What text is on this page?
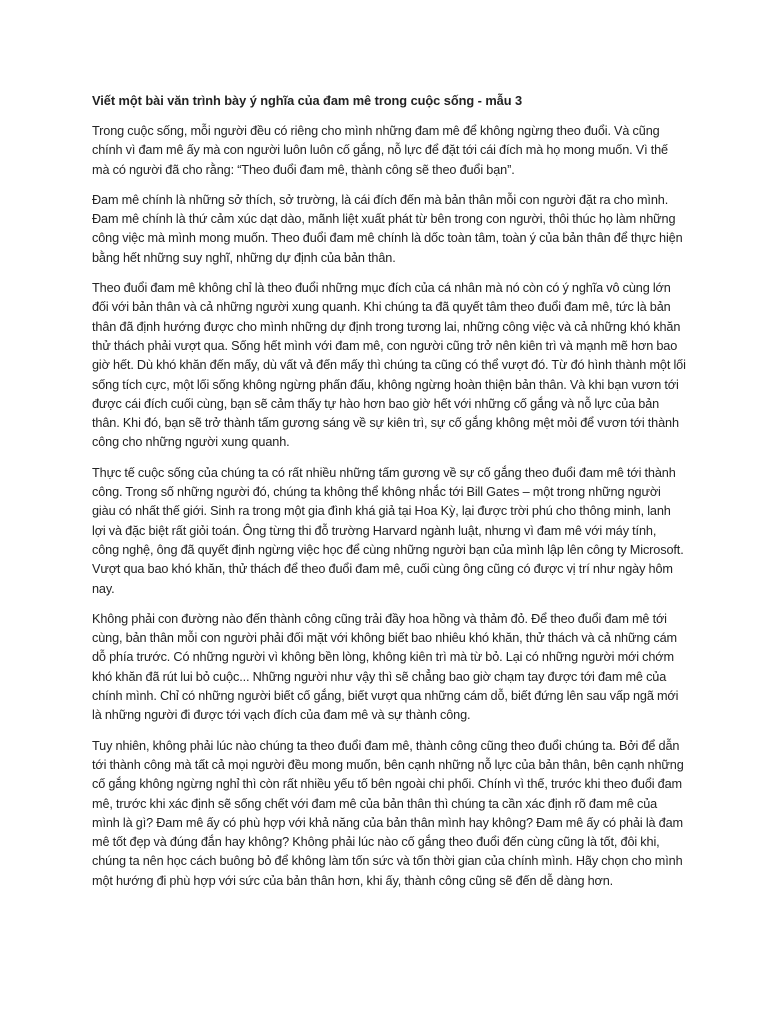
Viết một bài văn trình bày ý nghĩa của đam mê trong cuộc sống - mẫu 3

Trong cuộc sống, mỗi người đều có riêng cho mình những đam mê để không ngừng theo đuổi. Và cũng chính vì đam mê ấy mà con người luôn luôn cố gắng, nỗ lực để đặt tới cái đích mà họ mong muốn. Vì thế mà có người đã cho rằng: “Theo đuổi đam mê, thành công sẽ theo đuổi bạn”.

Đam mê chính là những sở thích, sở trường, là cái đích đến mà bản thân mỗi con người đặt ra cho mình. Đam mê chính là thứ cảm xúc dạt dào, mãnh liệt xuất phát từ bên trong con người, thôi thúc họ làm những công việc mà mình mong muốn. Theo đuổi đam mê chính là dốc toàn tâm, toàn ý của bản thân để thực hiện bằng hết những suy nghĩ, những dự định của bản thân.

Theo đuổi đam mê không chỉ là theo đuổi những mục đích của cá nhân mà nó còn có ý nghĩa vô cùng lớn đối với bản thân và cả những người xung quanh. Khi chúng ta đã quyết tâm theo đuổi đam mê, tức là bản thân đã định hướng được cho mình những dự định trong tương lai, những công việc và cả những khó khăn thử thách phải vượt qua. Sống hết mình với đam mê, con người cũng trở nên kiên trì và mạnh mẽ hơn bao giờ hết. Dù khó khăn đến mấy, dù vất vả đến mấy thì chúng ta cũng có thể vượt đó. Từ đó hình thành một lối sống tích cực, một lối sống không ngừng phấn đấu, không ngừng hoàn thiện bản thân. Và khi bạn vươn tới được cái đích cuối cùng, bạn sẽ cảm thấy tự hào hơn bao giờ hết với những cố gắng và nỗ lực của bản thân. Khi đó, bạn sẽ trở thành tấm gương sáng về sự kiên trì, sự cố gắng không mệt mỏi để vươn tới thành công cho những người xung quanh.

Thực tế cuộc sống của chúng ta có rất nhiều những tấm gương về sự cố gắng theo đuổi đam mê tới thành công. Trong số những người đó, chúng ta không thể không nhắc tới Bill Gates – một trong những người giàu có nhất thế giới. Sinh ra trong một gia đình khá giả tại Hoa Kỳ, lại được trời phú cho thông minh, lanh lợi và đặc biệt rất giỏi toán. Ông từng thi đỗ trường Harvard ngành luật, nhưng vì đam mê với máy tính, công nghệ, ông đã quyết định ngừng việc học để cùng những người bạn của mình lập lên công ty Microsoft. Vượt qua bao khó khăn, thử thách để theo đuổi đam mê, cuối cùng ông cũng có được vị trí như ngày hôm nay.

Không phải con đường nào đến thành công cũng trải đầy hoa hồng và thảm đỏ. Để theo đuổi đam mê tới cùng, bản thân mỗi con người phải đối mặt với không biết bao nhiêu khó khăn, thử thách và cả những cám dỗ phía trước. Có những người vì không bền lòng, không kiên trì mà từ bỏ. Lại có những người mới chớm khó khăn đã rút lui bỏ cuộc... Những người như vậy thì sẽ chẳng bao giờ chạm tay được tới đam mê của chính mình. Chỉ có những người biết cố gắng, biết vượt qua những cám dỗ, biết đứng lên sau vấp ngã mới là những người đi được tới vạch đích của đam mê và sự thành công.

Tuy nhiên, không phải lúc nào chúng ta theo đuổi đam mê, thành công cũng theo đuổi chúng ta. Bởi để dẫn tới thành công mà tất cả mọi người đều mong muốn, bên cạnh những nỗ lực của bản thân, bên cạnh những cố gắng không ngừng nghỉ thì còn rất nhiều yếu tố bên ngoài chi phối. Chính vì thế, trước khi theo đuổi đam mê, trước khi xác định sẽ sống chết với đam mê của bản thân thì chúng ta cần xác định rõ đam mê của mình là gì? Đam mê ấy có phù hợp với khả năng của bản thân mình hay không? Đam mê ấy có phải là đam mê tốt đẹp và đúng đắn hay không? Không phải lúc nào cố gắng theo đuổi đến cùng cũng là tốt, đôi khi, chúng ta nên học cách buông bỏ để không làm tốn sức và tốn thời gian của chính mình. Hãy chọn cho mình một hướng đi phù hợp với sức của bản thân hơn, khi ấy, thành công cũng sẽ đến dễ dàng hơn.
